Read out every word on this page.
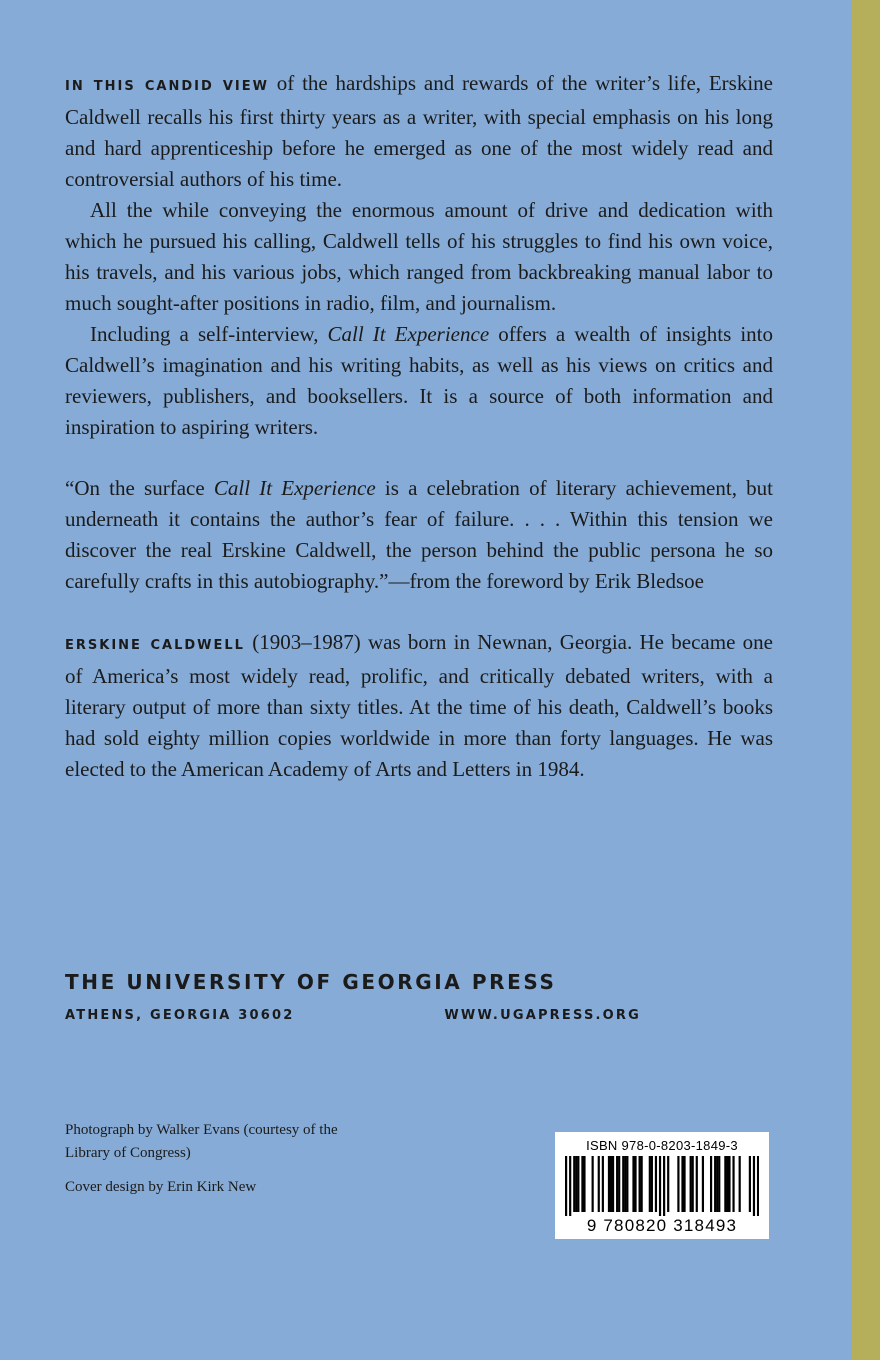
IN THIS CANDID VIEW of the hardships and rewards of the writer’s life, Erskine Caldwell recalls his first thirty years as a writer, with special emphasis on his long and hard apprenticeship before he emerged as one of the most widely read and controversial authors of his time.

All the while conveying the enormous amount of drive and dedication with which he pursued his calling, Caldwell tells of his struggles to find his own voice, his travels, and his various jobs, which ranged from backbreaking manual labor to much sought-after positions in radio, film, and journalism.

Including a self-interview, Call It Experience offers a wealth of insights into Caldwell’s imagination and his writing habits, as well as his views on critics and reviewers, publishers, and booksellers. It is a source of both information and inspiration to aspiring writers.

“On the surface Call It Experience is a celebration of literary achievement, but underneath it contains the author’s fear of failure. . . . Within this tension we discover the real Erskine Caldwell, the person behind the public persona he so carefully crafts in this autobiography.”—from the foreword by Erik Bledsoe

ERSKINE CALDWELL (1903–1987) was born in Newnan, Georgia. He became one of America’s most widely read, prolific, and critically debated writers, with a literary output of more than sixty titles. At the time of his death, Caldwell’s books had sold eighty million copies worldwide in more than forty languages. He was elected to the American Academy of Arts and Letters in 1984.

THE UNIVERSITY OF GEORGIA PRESS
ATHENS, GEORGIA 30602	WWW.UGAPRESS.ORG

Photograph by Walker Evans (courtesy of the Library of Congress)

Cover design by Erin Kirk New

ISBN 978-0-8203-1849-3
9 780820 318493
